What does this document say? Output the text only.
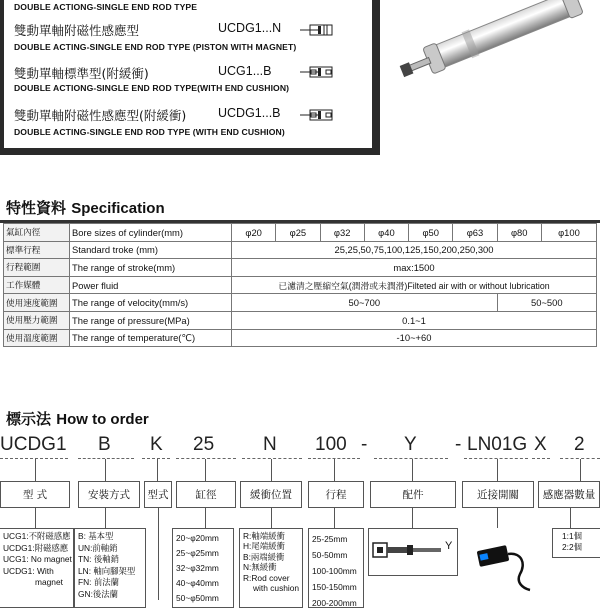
DOUBLE ACTIONG-SINGLE END ROD TYPE
雙動單軸附磁性感應型	UCDG1...N
DOUBLE ACTING-SINGLE END ROD TYPE (PISTON WITH MAGNET)
雙動單軸標準型(附緩衝)	UCG1...B
DOUBLE ACTIONG-SINGLE END ROD TYPE(WITH END CUSHION)
雙動單軸附磁性感應型(附緩衝)	UCDG1...B
DOUBLE ACTING-SINGLE END ROD TYPE (WITH END CUSHION)
特性資料 Specification
氣缸內徑	Bore sizes of cylinder(mm)	φ20	φ25	φ32	φ40	φ50	φ63	φ80	φ100
標準行程	Standard troke (mm)	25,25,50,75,100,125,150,200,250,300							
行程範圍	The range of stroke(mm)	max:1500							
工作媒體	Power fluid	已濾清之壓縮空氣(潤滑或未潤滑)Filteted air with or without lubrication							
使用速度範圍	The range of velocity(mm/s)	50~700						50~500	
使用壓力範圍	The range of pressure(MPa)	0.1~1							
使用溫度範圍	The range of temperature(℃)	-10~+60							
標示法 How to order
UCDG1 B K 25	N 100 - Y - LN01G X 2
型 式	安裝方式	型式	缸徑	緩衝位置	行程	配件	近接開關	感應器數量
UCG1:不附磁感應
UCDG1:附磁感應
UCG1: No magnet
UCDG1: With
magnet
B: 基本型
UN:前軸銷
TN: 後軸銷
LN: 軸向腳架型
FN: 前法蘭
GN:後法蘭
20~φ20mm
25~φ25mm
32~φ32mm
40~φ40mm
50~φ50mm
R:軸端緩衝
H:尾端緩衝
B:兩端緩衝
N:無緩衝
R:Rod cover
with cushion
25-25mm
50-50mm
100-100mm
150-150mm
200-200mm
Y
1:1個
2:2個
